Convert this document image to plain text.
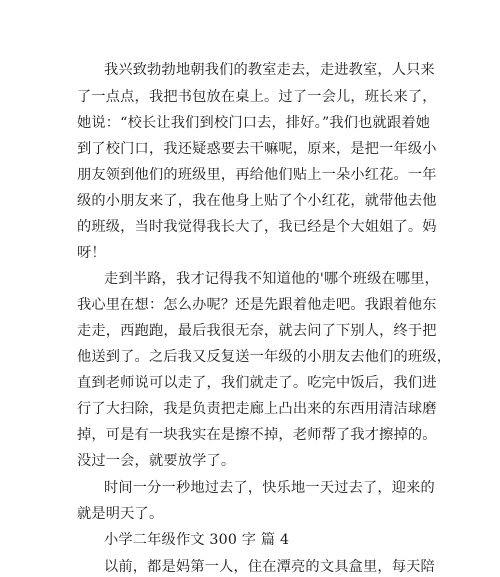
我兴致勃勃地朝我们的教室走去，走进教室，人只来
了一点点，我把书包放在桌上。过了一会儿，班长来了，
她说：“校长让我们到校门口去，排好。”我们也就跟着她
到了校门口，我还疑惑要去干嘛呢，原来，是把一年级小
朋友领到他们的班级里，再给他们贴上一朵小红花。一年
级的小朋友来了，我在他身上贴了个小红花，就带他去他
的班级，当时我觉得我长大了，我已经是个大姐姐了。妈
呀！
走到半路，我才记得我不知道他的'哪个班级在哪里，
我心里在想：怎么办呢？还是先跟着他走吧。我跟着他东
走走，西跑跑，最后我很无奈，就去问了下别人，终于把
他送到了。之后我又反复送一年级的小朋友去他们的班级，
直到老师说可以走了，我们就走了。吃完中饭后，我们进
行了大扫除，我是负责把走廊上凸出来的东西用清洁球磨
掉，可是有一块我实在是擦不掉，老师帮了我才擦掉的。
没过一会，就要放学了。
时间一分一秒地过去了，快乐地一天过去了，迎来的
就是明天了。
小学二年级作文 300 字 篇 4
以前，都是妈第一人，住在潭亮的文具盒里，每天陪
